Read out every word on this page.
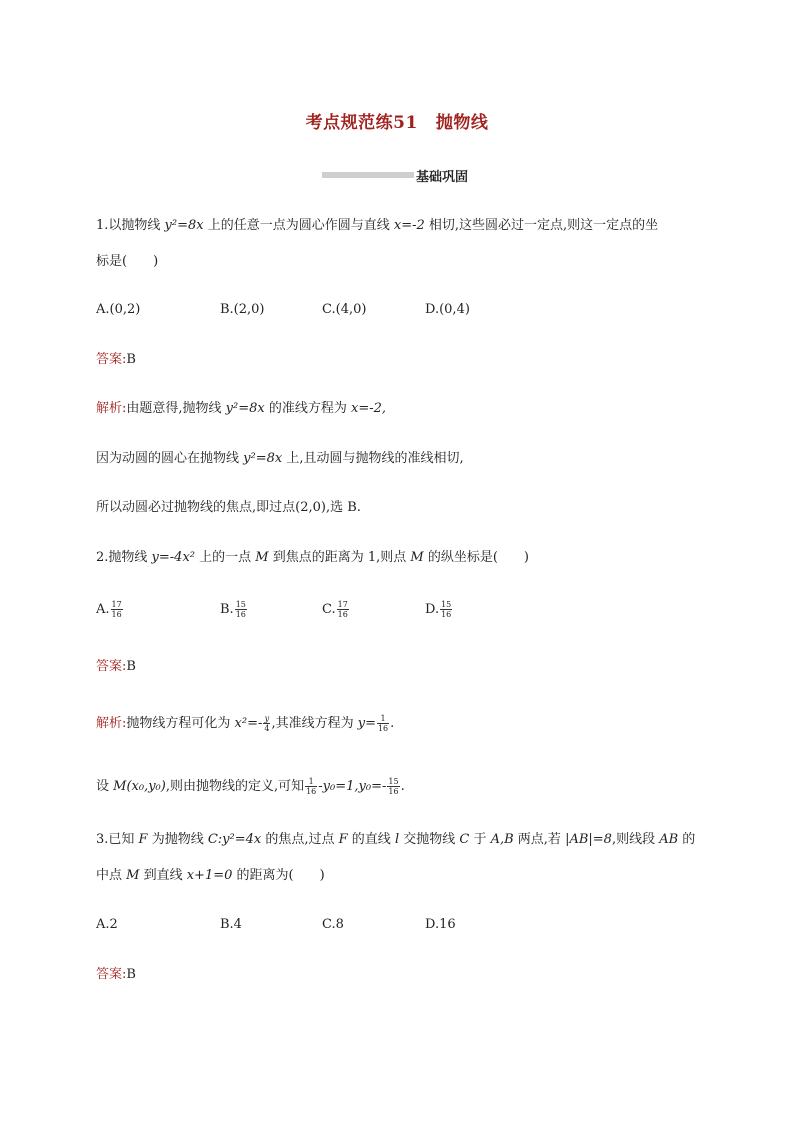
考点规范练51 抛物线
基础巩固
1.以抛物线 y²=8x 上的任意一点为圆心作圆与直线 x=-2 相切,这些圆必过一定点,则这一定点的坐
标是(　　)
A.(0,2)	B.(2,0)	C.(4,0)	D.(0,4)
答案:B
解析:由题意得,抛物线 y²=8x 的准线方程为 x=-2,
因为动圆的圆心在抛物线 y²=8x 上,且动圆与抛物线的准线相切,
所以动圆必过抛物线的焦点,即过点(2,0),选 B.
2.抛物线 y=-4x² 上的一点 M 到焦点的距离为 1,则点 M 的纵坐标是(　　)
A. $\frac{17}{16}$	B. $\frac{15}{16}$	C. $\frac{17}{16}$	D. $\frac{15}{16}$
答案:B
解析:抛物线方程可化为 $x^2=- \frac{y}{4}$ ,其准线方程为 $y= \frac{1}{16}$ .
设 M(x₀,y₀),则由抛物线的定义,可知 $\frac{1}{16} -y_0=1,y_0=- \frac{15}{16}$ .
3.已知 F 为抛物线 C:y²=4x 的焦点,过点 F 的直线 l 交抛物线 C 于 A,B 两点,若 |AB|=8,则线段 AB 的
中点 M 到直线 x+1=0 的距离为(　　)
A.2	B.4	C.8	D.16
答案:B
